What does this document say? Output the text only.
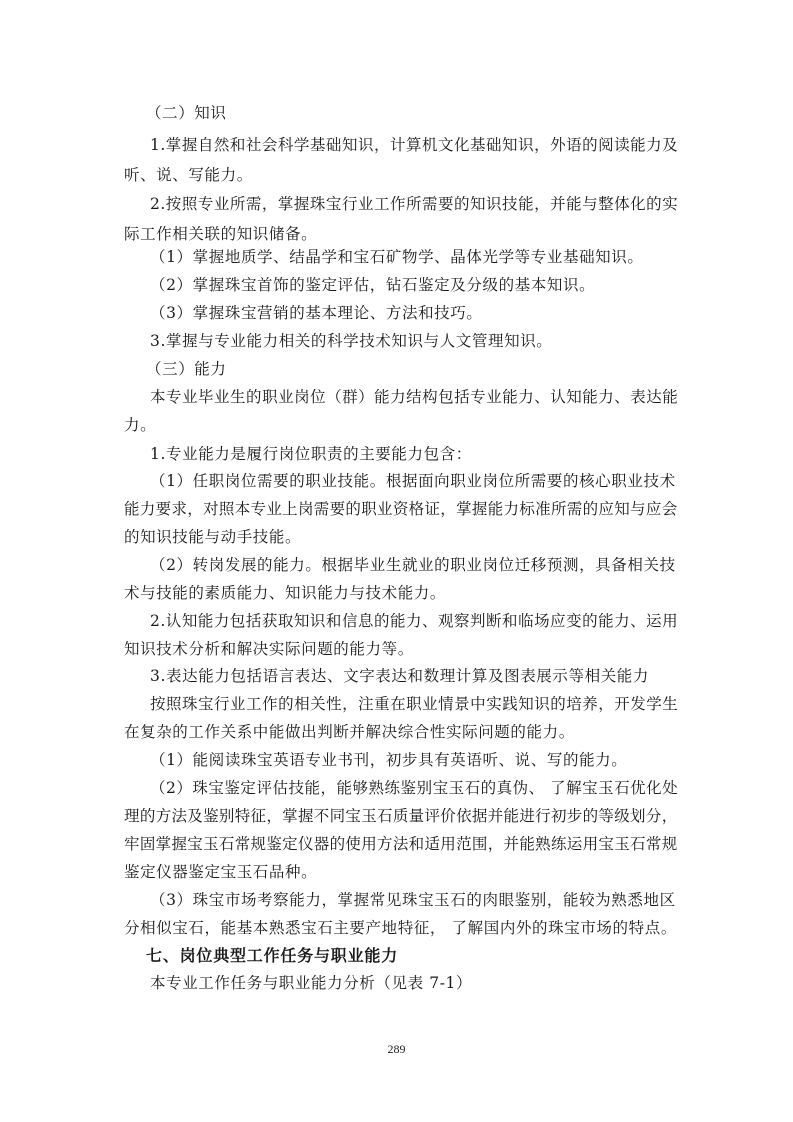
（二）知识
1.掌握自然和社会科学基础知识，计算机文化基础知识，外语的阅读能力及
听、说、写能力。
2.按照专业所需，掌握珠宝行业工作所需要的知识技能，并能与整体化的实
际工作相关联的知识储备。
（1）掌握地质学、结晶学和宝石矿物学、晶体光学等专业基础知识。
（2）掌握珠宝首饰的鉴定评估，钻石鉴定及分级的基本知识。
（3）掌握珠宝营销的基本理论、方法和技巧。
3.掌握与专业能力相关的科学技术知识与人文管理知识。
（三）能力
本专业毕业生的职业岗位（群）能力结构包括专业能力、认知能力、表达能
力。
1.专业能力是履行岗位职责的主要能力包含：
（1）任职岗位需要的职业技能。根据面向职业岗位所需要的核心职业技术
能力要求，对照本专业上岗需要的职业资格证，掌握能力标准所需的应知与应会
的知识技能与动手技能。
（2）转岗发展的能力。根据毕业生就业的职业岗位迁移预测，具备相关技
术与技能的素质能力、知识能力与技术能力。
2.认知能力包括获取知识和信息的能力、观察判断和临场应变的能力、运用
知识技术分析和解决实际问题的能力等。
3.表达能力包括语言表达、文字表达和数理计算及图表展示等相关能力
按照珠宝行业工作的相关性，注重在职业情景中实践知识的培养，开发学生
在复杂的工作关系中能做出判断并解决综合性实际问题的能力。
（1）能阅读珠宝英语专业书刊，初步具有英语听、说、写的能力。
（2）珠宝鉴定评估技能，能够熟练鉴别宝玉石的真伪、 了解宝玉石优化处
理的方法及鉴别特征，掌握不同宝玉石质量评价依据并能进行初步的等级划分，
牢固掌握宝玉石常规鉴定仪器的使用方法和适用范围，并能熟练运用宝玉石常规
鉴定仪器鉴定宝玉石品种。
（3）珠宝市场考察能力，掌握常见珠宝玉石的肉眼鉴别，能较为熟悉地区
分相似宝石，能基本熟悉宝石主要产地特征， 了解国内外的珠宝市场的特点。
七、岗位典型工作任务与职业能力
本专业工作任务与职业能力分析（见表 7-1）
289
